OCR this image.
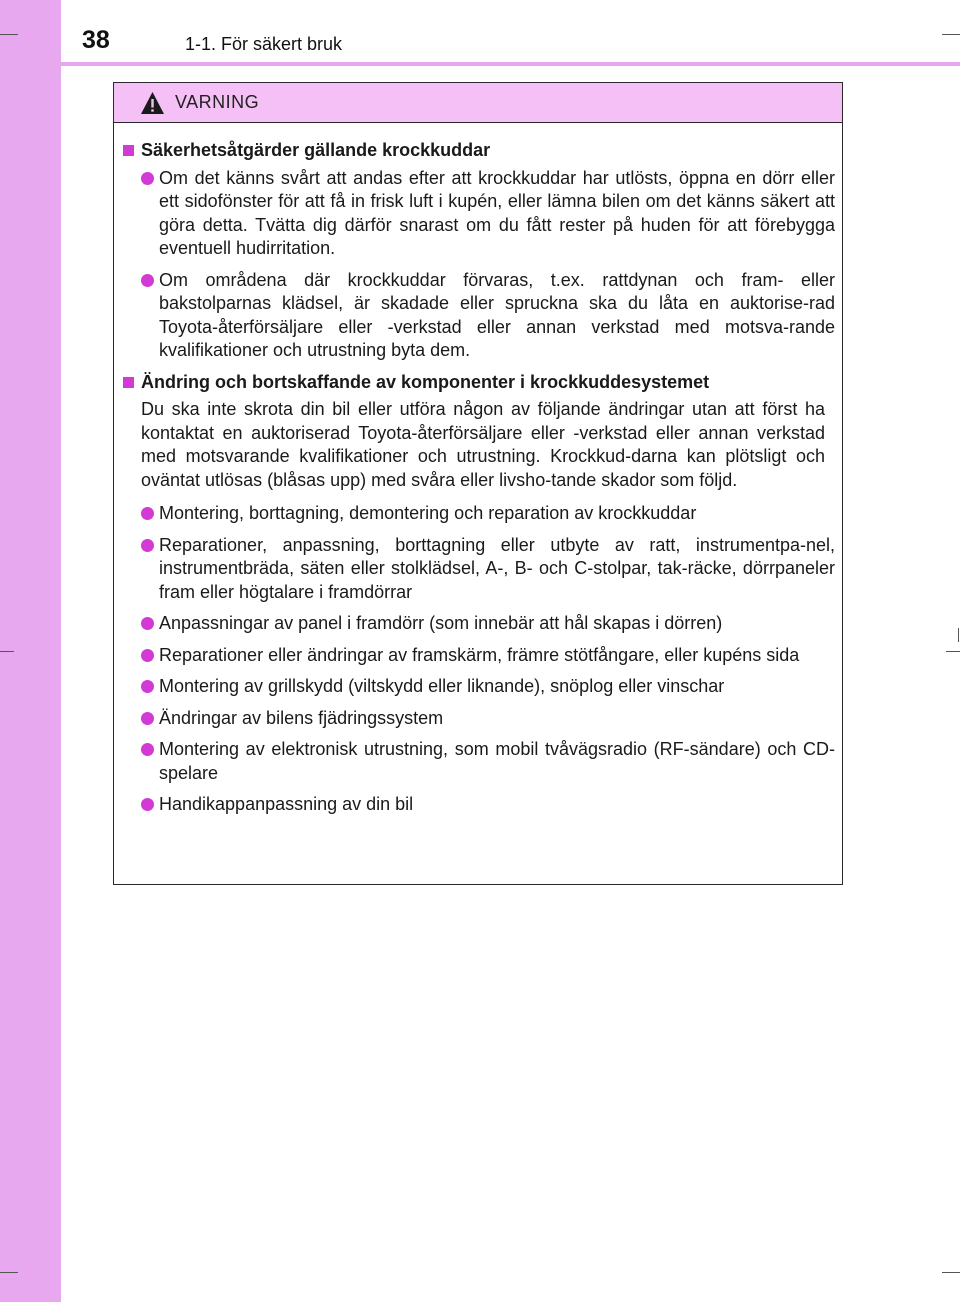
38	1-1. För säkert bruk
VARNING
Säkerhetsåtgärder gällande krockkuddar
Om det känns svårt att andas efter att krockkuddar har utlösts, öppna en dörr eller ett sidofönster för att få in frisk luft i kupén, eller lämna bilen om det känns säkert att göra detta. Tvätta dig därför snarast om du fått rester på huden för att förebygga eventuell hudirritation.
Om områdena där krockkuddar förvaras, t.ex. rattdynan och fram- eller bakstolparnas klädsel, är skadade eller spruckna ska du låta en auktorise-rad Toyota-återförsäljare eller -verkstad eller annan verkstad med motsva-rande kvalifikationer och utrustning byta dem.
Ändring och bortskaffande av komponenter i krockkuddesystemet
Du ska inte skrota din bil eller utföra någon av följande ändringar utan att först ha kontaktat en auktoriserad Toyota-återförsäljare eller -verkstad eller annan verkstad med motsvarande kvalifikationer och utrustning. Krockkud-darna kan plötsligt och oväntat utlösas (blåsas upp) med svåra eller livsho-tande skador som följd.
Montering, borttagning, demontering och reparation av krockkuddar
Reparationer, anpassning, borttagning eller utbyte av ratt, instrumentpa-nel, instrumentbräda, säten eller stolklädsel, A-, B- och C-stolpar, tak-räcke, dörrpaneler fram eller högtalare i framdörrar
Anpassningar av panel i framdörr (som innebär att hål skapas i dörren)
Reparationer eller ändringar av framskärm, främre stötfångare, eller kupéns sida
Montering av grillskydd (viltskydd eller liknande), snöplog eller vinschar
Ändringar av bilens fjädringssystem
Montering av elektronisk utrustning, som mobil tvåvägsradio (RF-sändare) och CD-spelare
Handikappanpassning av din bil
